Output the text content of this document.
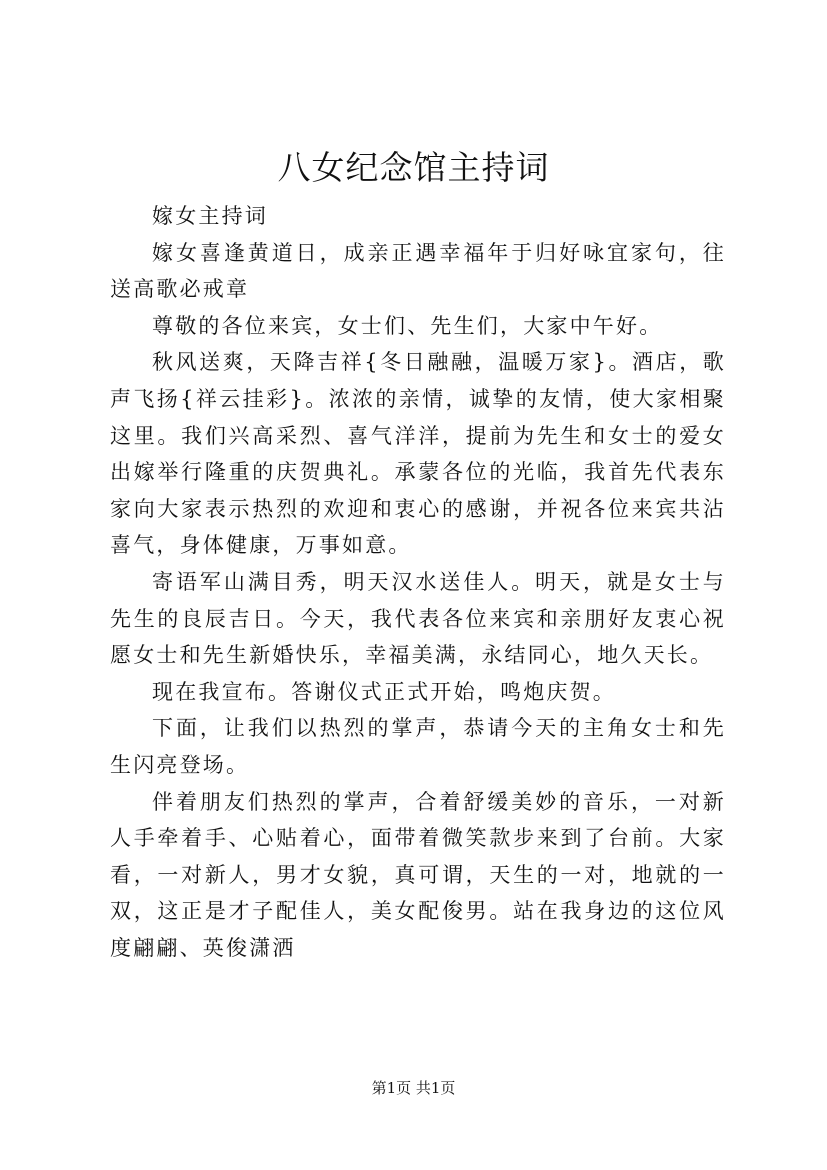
八女纪念馆主持词

嫁女主持词

嫁女喜逢黄道日，成亲正遇幸福年于归好咏宜家句，往送高歌必戒章

尊敬的各位来宾，女士们、先生们，大家中午好。

秋风送爽，天降吉祥{冬日融融，温暖万家}。酒店，歌声飞扬{祥云挂彩}。浓浓的亲情，诚挚的友情，使大家相聚这里。我们兴高采烈、喜气洋洋，提前为先生和女士的爱女出嫁举行隆重的庆贺典礼。承蒙各位的光临，我首先代表东家向大家表示热烈的欢迎和衷心的感谢，并祝各位来宾共沾喜气，身体健康，万事如意。

寄语军山满目秀，明天汉水送佳人。明天，就是女士与先生的良辰吉日。今天，我代表各位来宾和亲朋好友衷心祝愿女士和先生新婚快乐，幸福美满，永结同心，地久天长。

现在我宣布。答谢仪式正式开始，鸣炮庆贺。

下面，让我们以热烈的掌声，恭请今天的主角女士和先生闪亮登场。

伴着朋友们热烈的掌声，合着舒缓美妙的音乐，一对新人手牵着手、心贴着心，面带着微笑款步来到了台前。大家看，一对新人，男才女貌，真可谓，天生的一对，地就的一双，这正是才子配佳人，美女配俊男。站在我身边的这位风度翩翩、英俊潇洒

第1页 共1页
